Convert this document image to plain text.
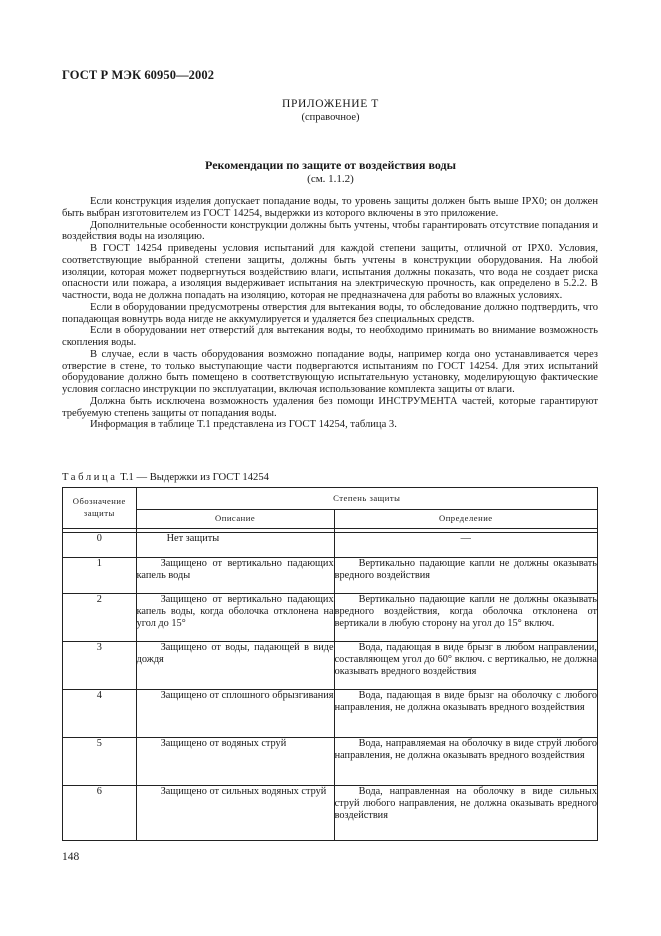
ГОСТ Р МЭК 60950—2002
ПРИЛОЖЕНИЕ T
(справочное)
Рекомендации по защите от воздействия воды
(см. 1.1.2)

Если конструкция изделия допускает попадание воды, то уровень защиты должен быть выше IPX0; он должен быть выбран изготовителем из ГОСТ 14254, выдержки из которого включены в это приложение.

Дополнительные особенности конструкции должны быть учтены, чтобы гарантировать отсутствие попадания и воздействия воды на изоляцию.

В ГОСТ 14254 приведены условия испытаний для каждой степени защиты, отличной от IPX0. Условия, соответствующие выбранной степени защиты, должны быть учтены в конструкции оборудования. На любой изоляции, которая может подвергнуться воздействию влаги, испытания должны показать, что вода не создает риска опасности или пожара, а изоляция выдерживает испытания на электрическую прочность, как определено в 5.2.2. В частности, вода не должна попадать на изоляцию, которая не предназначена для работы во влажных условиях.

Если в оборудовании предусмотрены отверстия для вытекания воды, то обследование должно подтвердить, что попадающая вовнутрь вода нигде не аккумулируется и удаляется без специальных средств.

Если в оборудовании нет отверстий для вытекания воды, то необходимо принимать во внимание возможность скопления воды.

В случае, если в часть оборудования возможно попадание воды, например когда оно устанавливается через отверстие в стене, то только выступающие части подвергаются испытаниям по ГОСТ 14254. Для этих испытаний оборудование должно быть помещено в соответствующую испытательную установку, моделирующую фактические условия согласно инструкции по эксплуатации, включая использование комплекта защиты от влаги.

Должна быть исключена возможность удаления без помощи ИНСТРУМЕНТА частей, которые гарантируют требуемую степень защиты от попадания воды.

Информация в таблице T.1 представлена из ГОСТ 14254, таблица 3.

Таблица T.1 — Выдержки из ГОСТ 14254
Обозначение защиты	Степень защиты	
	Описание	Определение

0	Нет защиты	—
1	Защищено от вертикально падающих капель воды	Вертикально падающие капли не должны оказывать вредного воздействия
2	Защищено от вертикально падающих капель воды, когда оболочка отклонена на угол до 15°	Вертикально падающие капли не должны оказывать вредного воздействия, когда оболочка отклонена от вертикали в любую сторону на угол до 15° включ.
3	Защищено от воды, падающей в виде дождя	Вода, падающая в виде брызг в любом направлении, составляющем угол до 60° включ. с вертикалью, не должна оказывать вредного воздействия
4	Защищено от сплошного обрызгивания	Вода, падающая в виде брызг на оболочку с любого направления, не должна оказывать вредного воздействия
5	Защищено от водяных струй	Вода, направляемая на оболочку в виде струй любого направления, не должна оказывать вредного воздействия
6	Защищено от сильных водяных струй	Вода, направленная на оболочку в виде сильных струй любого направления, не должна оказывать вредного воздействия
148
